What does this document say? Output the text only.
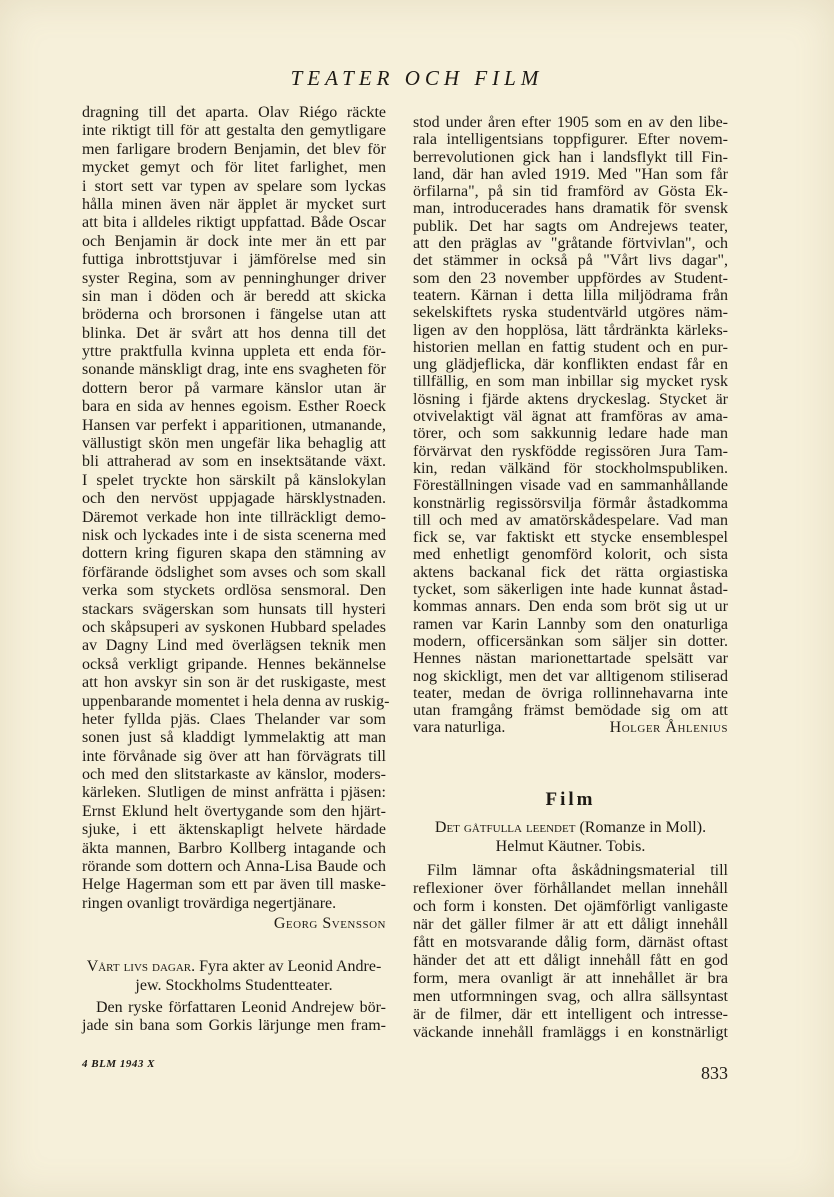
TEATER OCH FILM
dragning till det aparta. Olav Riégo räckte
inte riktigt till för att gestalta den gemytligare
men farligare brodern Benjamin, det blev för
mycket gemyt och för litet farlighet, men
i stort sett var typen av spelare som lyckas
hålla minen även när äpplet är mycket surt
att bita i alldeles riktigt uppfattad. Både Oscar
och Benjamin är dock inte mer än ett par
futtiga inbrottstjuvar i jämförelse med sin
syster Regina, som av penninghunger driver
sin man i döden och är beredd att skicka
bröderna och brorsonen i fängelse utan att
blinka. Det är svårt att hos denna till det
yttre praktfulla kvinna uppleta ett enda för-
sonande mänskligt drag, inte ens svagheten för
dottern beror på varmare känslor utan är
bara en sida av hennes egoism. Esther Roeck
Hansen var perfekt i apparitionen, utmanande,
vällustigt skön men ungefär lika behaglig att
bli attraherad av som en insektsätande växt.
I spelet tryckte hon särskilt på känslokylan
och den nervöst uppjagade härsklystnaden.
Däremot verkade hon inte tillräckligt demo-
nisk och lyckades inte i de sista scenerna med
dottern kring figuren skapa den stämning av
förfärande ödslighet som avses och som skall
verka som styckets ordlösa sensmoral. Den
stackars svägerskan som hunsats till hysteri
och skåpsuperi av syskonen Hubbard spelades
av Dagny Lind med överlägsen teknik men
också verkligt gripande. Hennes bekännelse
att hon avskyr sin son är det ruskigaste, mest
uppenbarande momentet i hela denna av ruskig-
heter fyllda pjäs. Claes Thelander var som
sonen just så kladdigt lymmelaktig att man
inte förvånade sig över att han förvägrats till
och med den slitstarkaste av känslor, moders-
kärleken. Slutligen de minst anfrätta i pjäsen:
Ernst Eklund helt övertygande som den hjärt-
sjuke, i ett äktenskapligt helvete härdade
äkta mannen, Barbro Kollberg intagande och
rörande som dottern och Anna-Lisa Baude och
Helge Hagerman som ett par även till maske-
ringen ovanligt trovärdiga negertjänare.
Georg Svensson
Vårt livs dagar. Fyra akter av Leonid Andre-
jew. Stockholms Studentteater.
Den ryske författaren Leonid Andrejew bör-
jade sin bana som Gorkis lärjunge men fram-
stod under åren efter 1905 som en av den libe-
rala intelligentsians toppfigurer. Efter novem-
berrevolutionen gick han i landsflykt till Fin-
land, där han avled 1919. Med "Han som får
örfilarna", på sin tid framförd av Gösta Ek-
man, introducerades hans dramatik för svensk
publik. Det har sagts om Andrejews teater,
att den präglas av "gråtande förtvivlan", och
det stämmer in också på "Vårt livs dagar",
som den 23 november uppfördes av Student-
teatern. Kärnan i detta lilla miljödrama från
sekelskiftets ryska studentvärld utgöres näm-
ligen av den hopplösa, lätt tårdränkta kärleks-
historien mellan en fattig student och en pur-
ung glädjeflicka, där konflikten endast får en
tillfällig, en som man inbillar sig mycket rysk
lösning i fjärde aktens dryckeslag. Stycket är
otvivelaktigt väl ägnat att framföras av ama-
törer, och som sakkunnig ledare hade man
förvärvat den ryskfödde regissören Jura Tam-
kin, redan välkänd för stockholmspubliken.
Föreställningen visade vad en sammanhållande
konstnärlig regissörsvilja förmår åstadkomma
till och med av amatörskådespelare. Vad man
fick se, var faktiskt ett stycke ensemblespel
med enhetligt genomförd kolorit, och sista
aktens backanal fick det rätta orgiastiska
tycket, som säkerligen inte hade kunnat åstad-
kommas annars. Den enda som bröt sig ut ur
ramen var Karin Lannby som den onaturliga
modern, officersänkan som säljer sin dotter.
Hennes nästan marionettartade spelsätt var
nog skickligt, men det var alltigenom stiliserad
teater, medan de övriga rollinnehavarna inte
utan framgång främst bemödade sig om att
vara naturliga.	Holger Åhlenius
Film
Det gåtfulla leendet (Romanze in Moll).
Helmut Käutner. Tobis.
Film lämnar ofta åskådningsmaterial till
reflexioner över förhållandet mellan innehåll
och form i konsten. Det ojämförligt vanligaste
när det gäller filmer är att ett dåligt innehåll
fått en motsvarande dålig form, därnäst oftast
händer det att ett dåligt innehåll fått en god
form, mera ovanligt är att innehållet är bra
men utformningen svag, och allra sällsyntast
är de filmer, där ett intelligent och intresse-
väckande innehåll framläggs i en konstnärligt
4 BLM 1943 X	833
